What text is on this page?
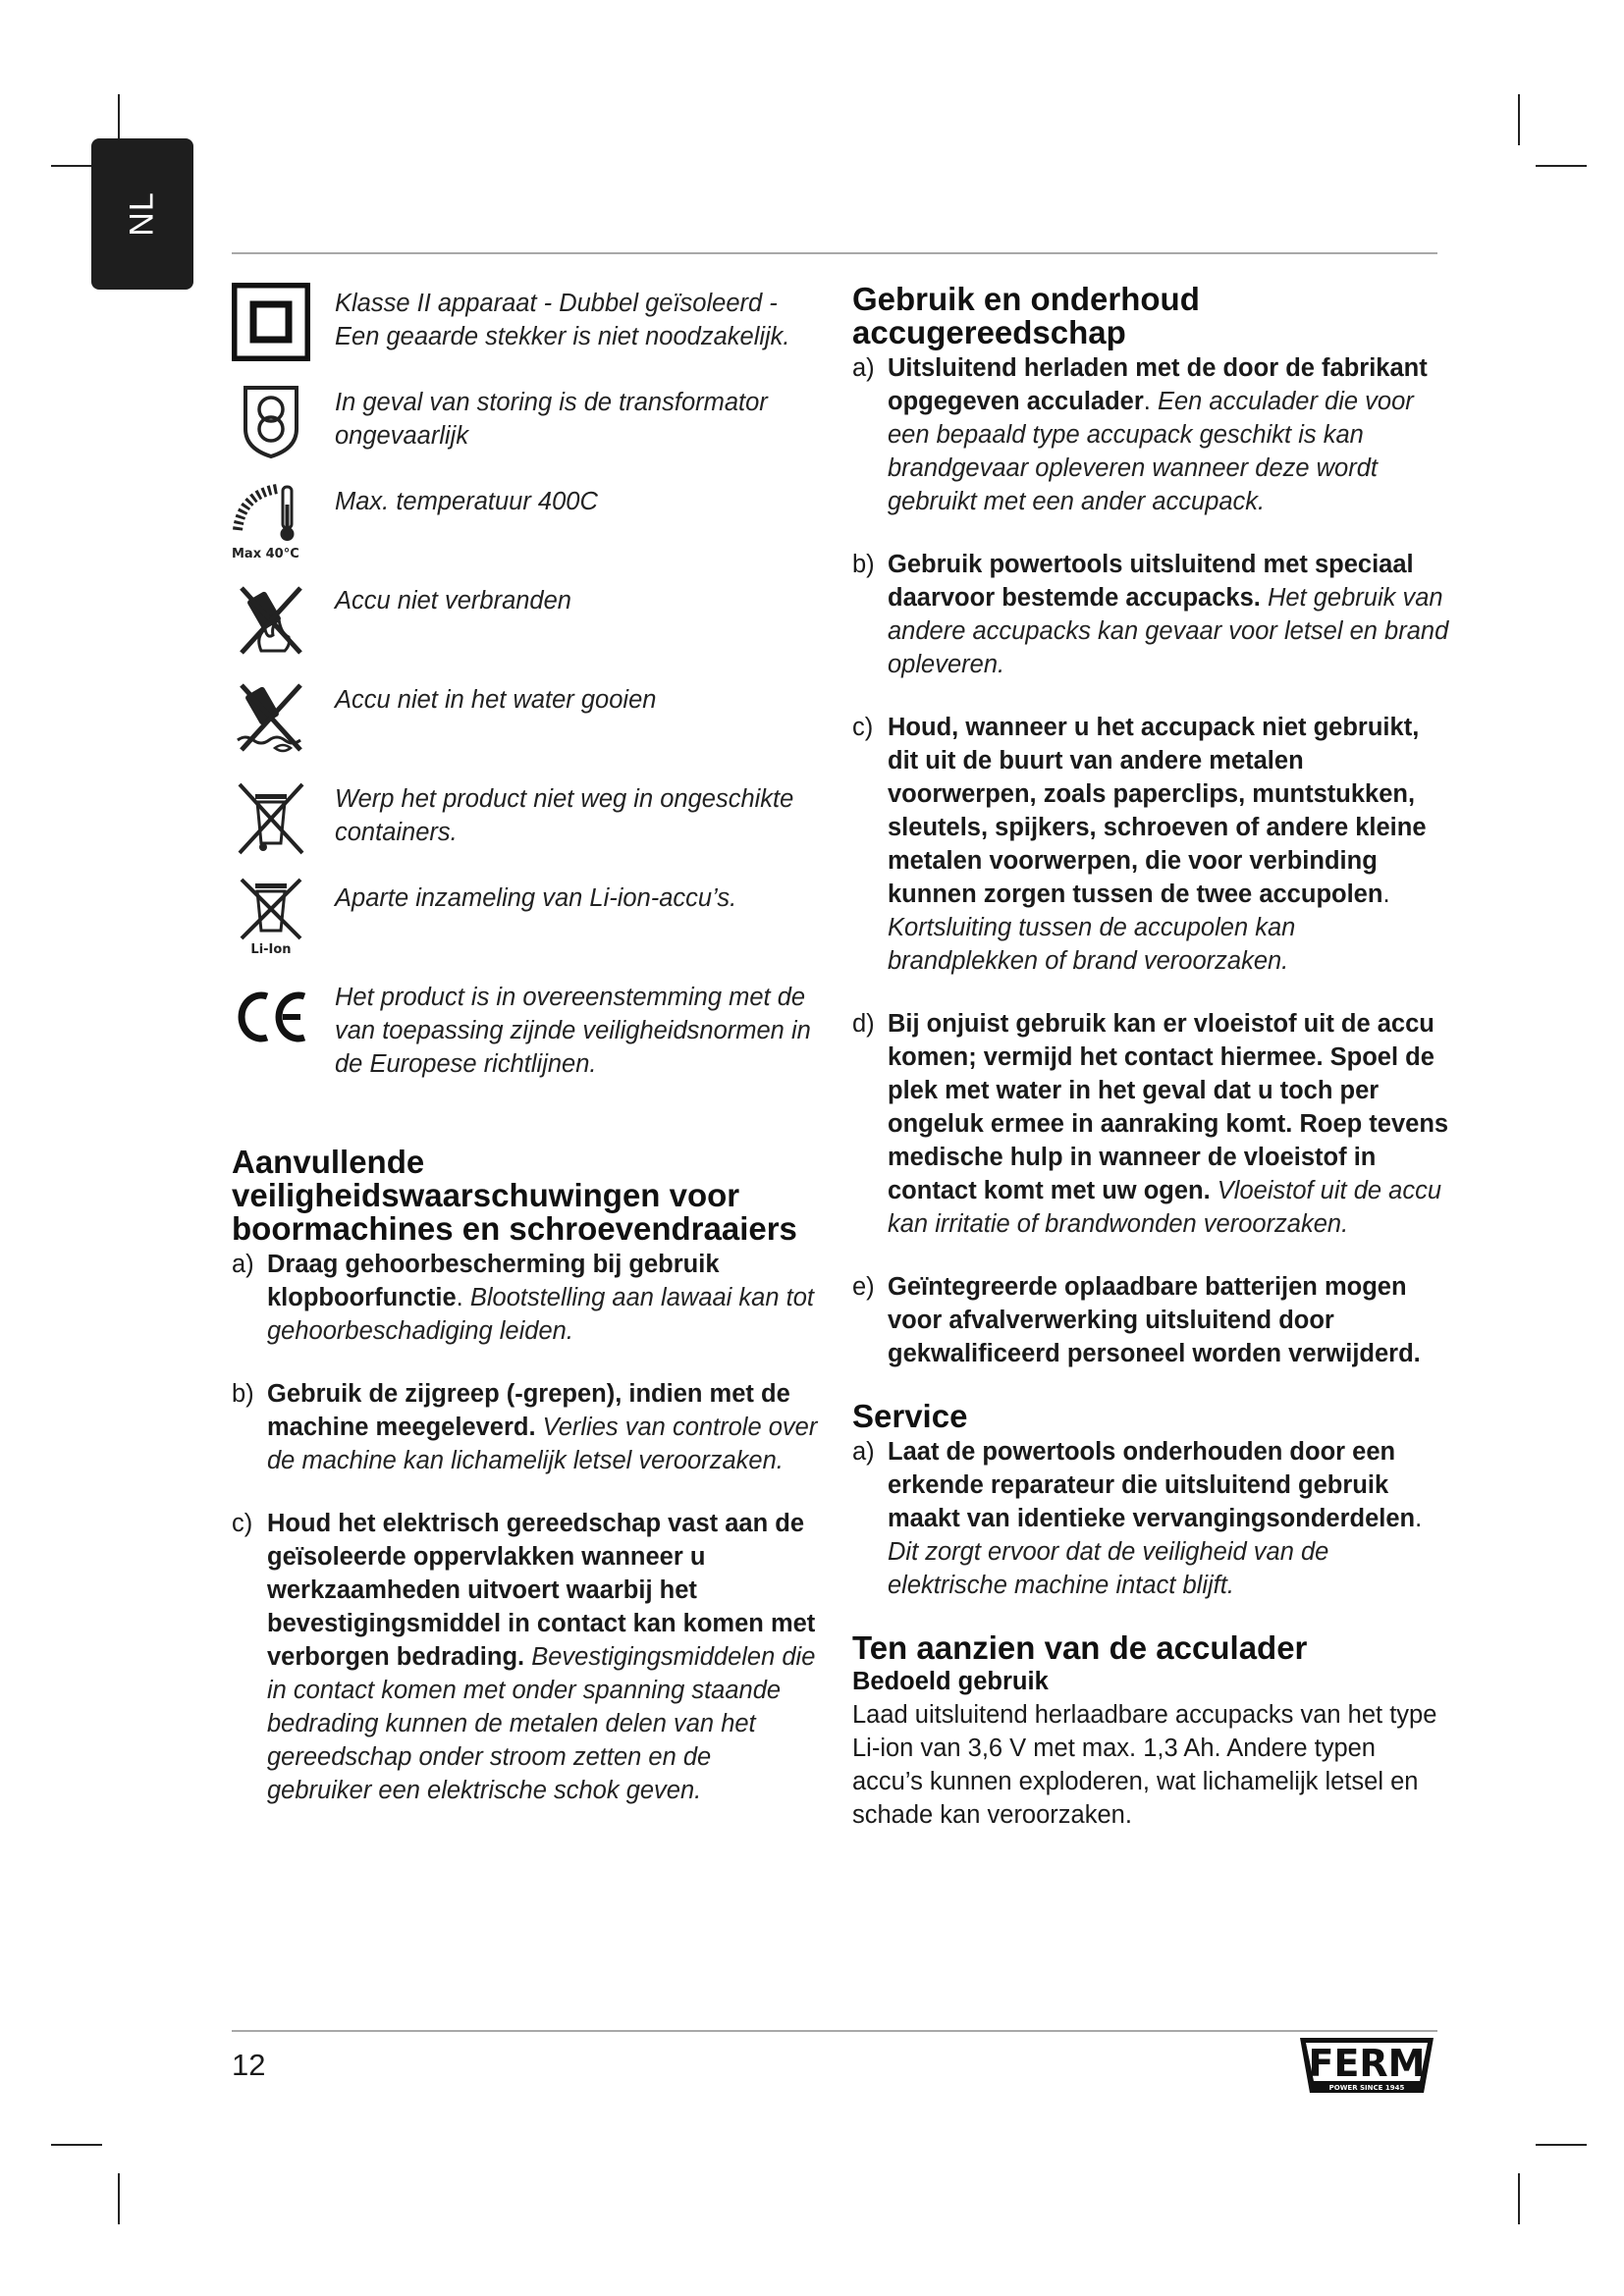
NL
Klasse II apparaat - Dubbel geïsoleerd - Een geaarde stekker is niet noodzakelijk.
In geval van storing is de transformator ongevaarlijk
Max 40°C
Max. temperatuur 400C
Accu niet verbranden
Accu niet in het water gooien
Werp het product niet weg in ongeschikte containers.
Li-Ion
Aparte inzameling van Li-ion-accu’s.
Het product is in overeenstemming met de van toepassing zijnde veiligheidsnormen in de Europese richtlijnen.
Aanvullende veiligheidswaarschuwingen voor boormachines en schroevendraaiers
a) Draag gehoorbescherming bij gebruik klopboorfunctie. Blootstelling aan lawaai kan tot gehoorbeschadiging leiden.
b) Gebruik de zijgreep (-grepen), indien met de machine meegeleverd. Verlies van controle over de machine kan lichamelijk letsel veroorzaken.
c) Houd het elektrisch gereedschap vast aan de geïsoleerde oppervlakken wanneer u werkzaamheden uitvoert waarbij het bevestigingsmiddel in contact kan komen met verborgen bedrading. Bevestigingsmiddelen die in contact komen met onder spanning staande bedrading kunnen de metalen delen van het gereedschap onder stroom zetten en de gebruiker een elektrische schok geven.
Gebruik en onderhoud accugereedschap
a) Uitsluitend herladen met de door de fabrikant opgegeven acculader. Een acculader die voor een bepaald type accupack geschikt is kan brandgevaar opleveren wanneer deze wordt gebruikt met een ander accupack.
b) Gebruik powertools uitsluitend met speciaal daarvoor bestemde accupacks. Het gebruik van andere accupacks kan gevaar voor letsel en brand opleveren.
c) Houd, wanneer u het accupack niet gebruikt, dit uit de buurt van andere metalen voorwerpen, zoals paperclips, muntstukken, sleutels, spijkers, schroeven of andere kleine metalen voorwerpen, die voor verbinding kunnen zorgen tussen de twee accupolen. Kortsluiting tussen de accupolen kan brandplekken of brand veroorzaken.
d) Bij onjuist gebruik kan er vloeistof uit de accu komen; vermijd het contact hiermee. Spoel de plek met water in het geval dat u toch per ongeluk ermee in aanraking komt. Roep tevens medische hulp in wanneer de vloeistof in contact komt met uw ogen. Vloeistof uit de accu kan irritatie of brandwonden veroorzaken.
e) Geïntegreerde oplaadbare batterijen mogen voor afvalverwerking uitsluitend door gekwalificeerd personeel worden verwijderd.
Service
a) Laat de powertools onderhouden door een erkende reparateur die uitsluitend gebruik maakt van identieke vervangingsonderdelen. Dit zorgt ervoor dat de veiligheid van de elektrische machine intact blijft.
Ten aanzien van de acculader
Bedoeld gebruik

Laad uitsluitend herlaadbare accupacks van het type Li-ion van 3,6 V met max. 1,3 Ah. Andere typen accu’s kunnen exploderen, wat lichamelijk letsel en schade kan veroorzaken.

12	FERM
POWER SINCE 1945
